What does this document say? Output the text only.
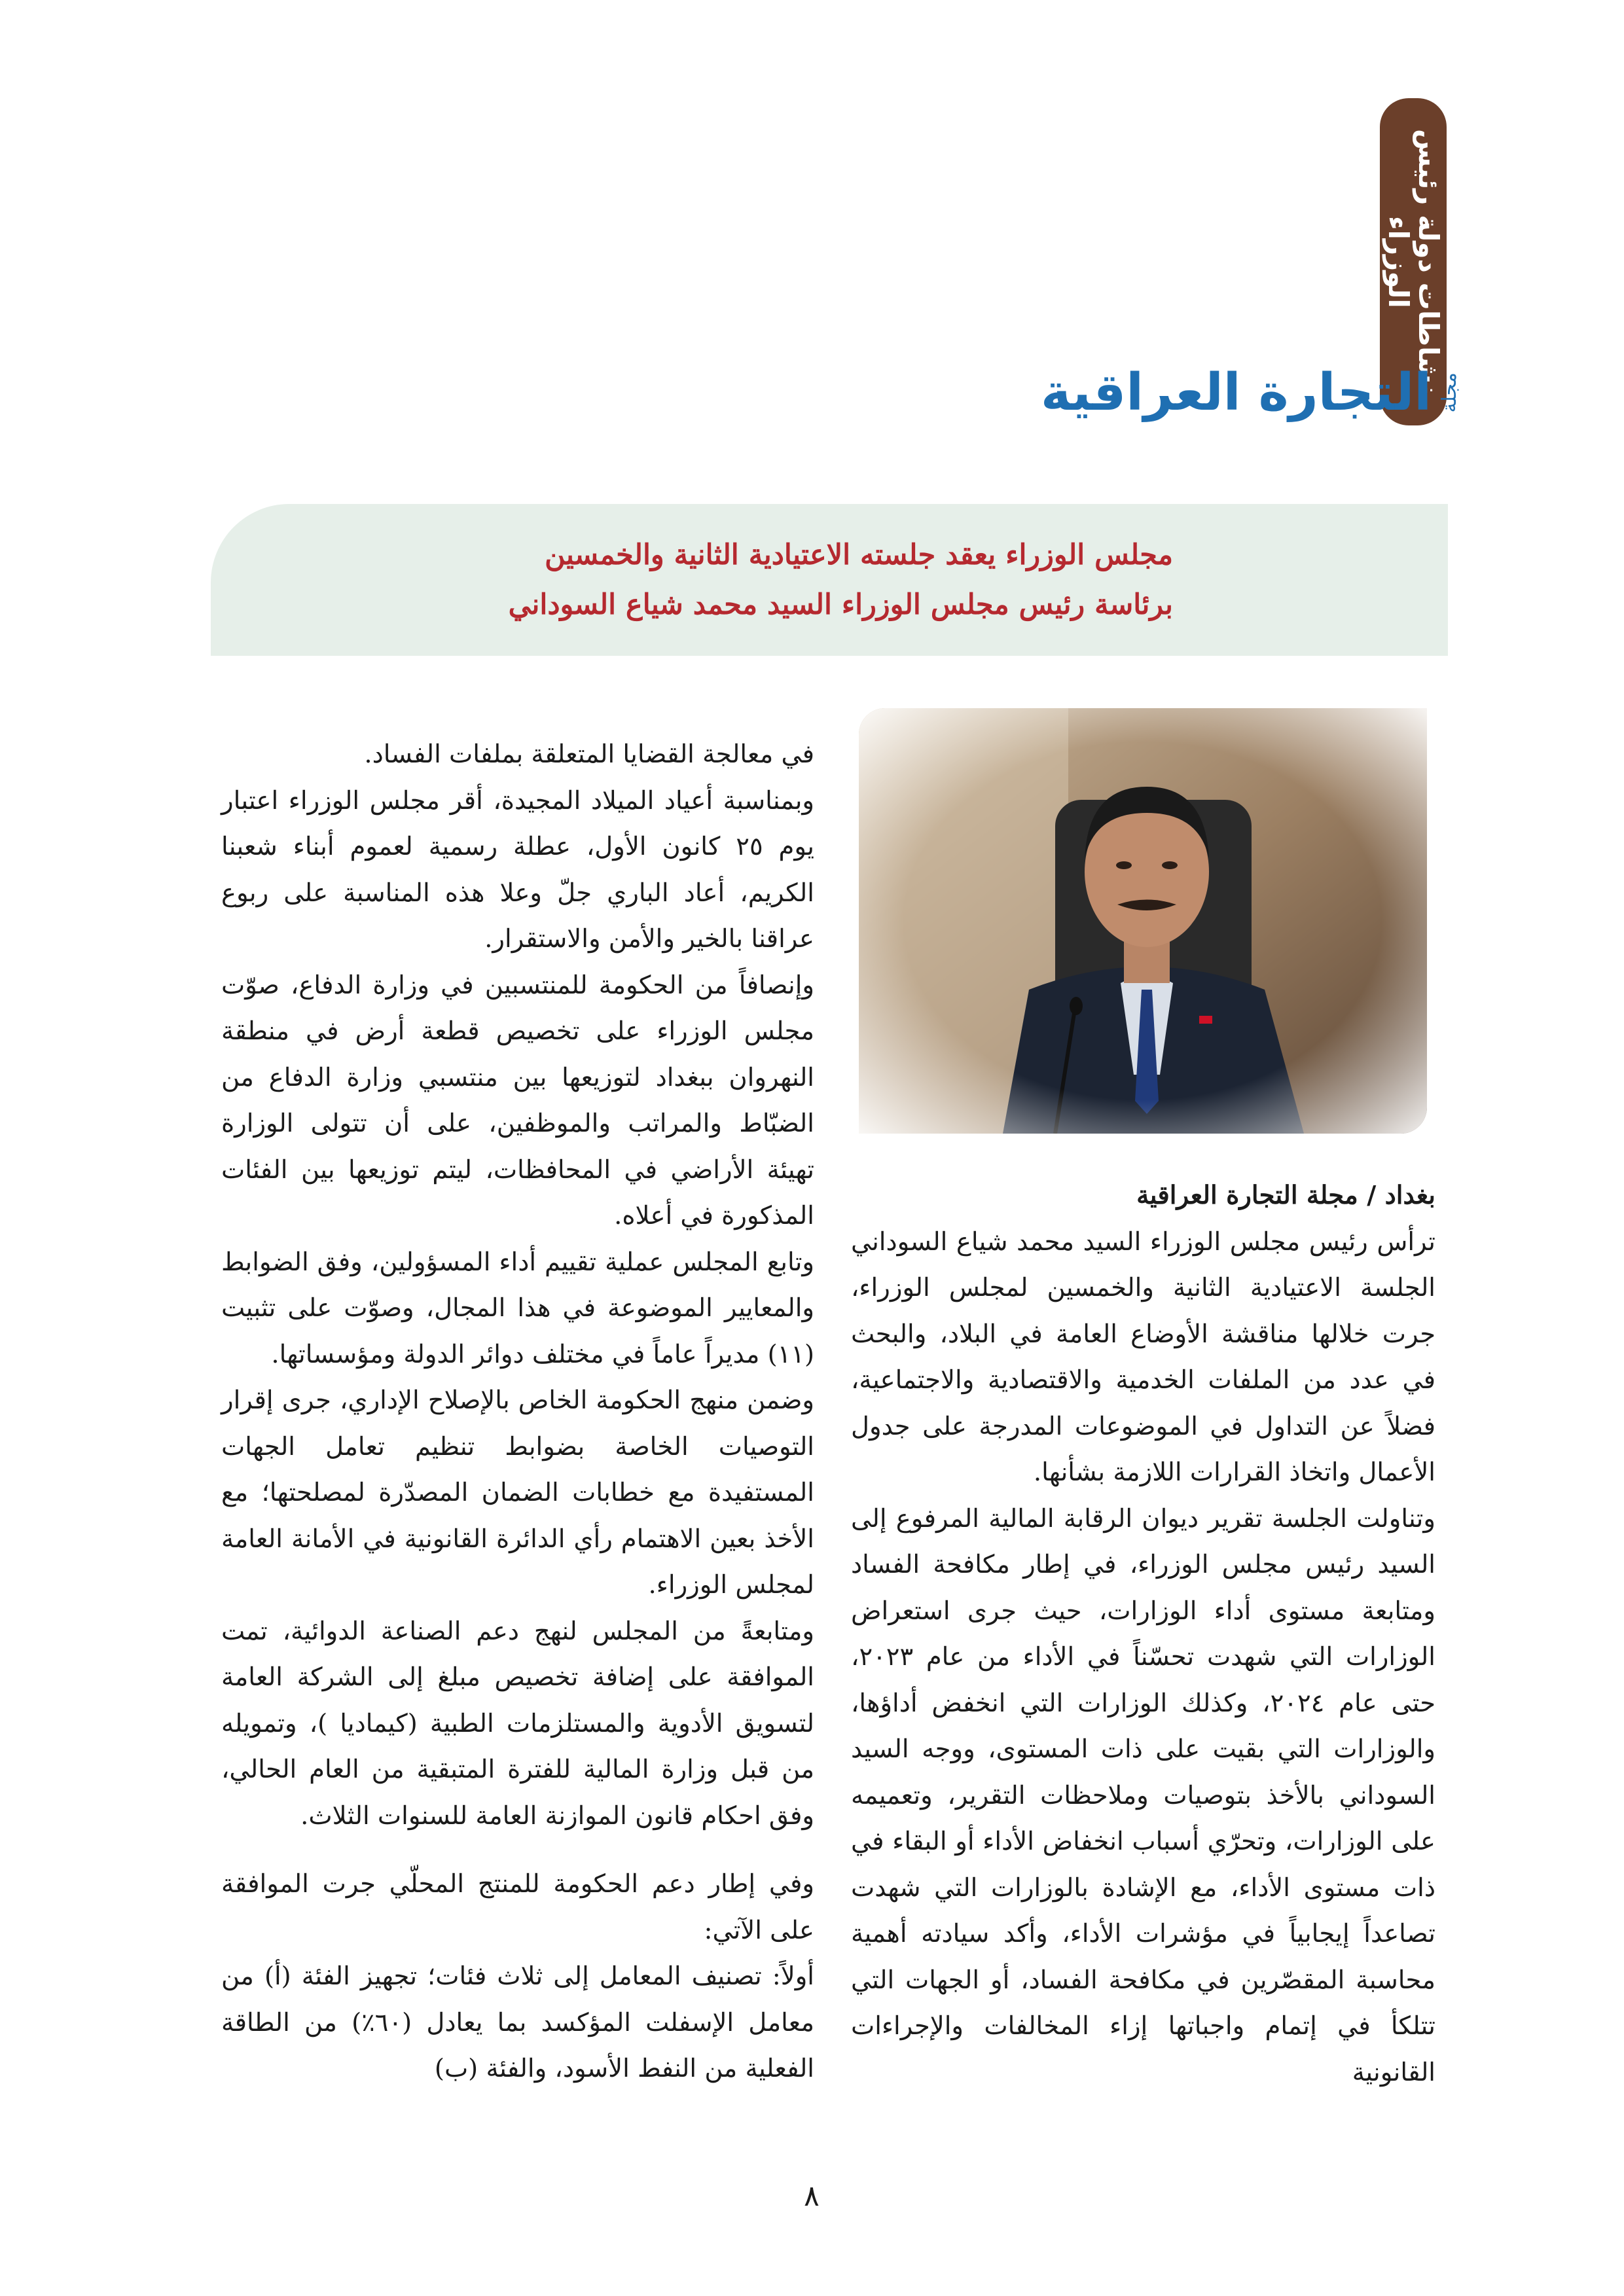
نشاطات دولة رئيس
الوزراء
مجلة
التجارة العراقية
مجلس الوزراء يعقد جلسته الاعتيادية الثانية والخمسين
برئاسة رئيس مجلس الوزراء السيد محمد شياع السوداني

بغداد / مجلة التجارة العراقية

ترأس رئيس مجلس الوزراء السيد محمد شياع السوداني الجلسة الاعتيادية الثانية والخمسين لمجلس الوزراء، جرت خلالها مناقشة الأوضاع العامة في البلاد، والبحث في عدد من الملفات الخدمية والاقتصادية والاجتماعية، فضلاً عن التداول في الموضوعات المدرجة على جدول الأعمال واتخاذ القرارات اللازمة بشأنها.

وتناولت الجلسة تقرير ديوان الرقابة المالية المرفوع إلى السيد رئيس مجلس الوزراء، في إطار مكافحة الفساد ومتابعة مستوى أداء الوزارات، حيث جرى استعراض الوزارات التي شهدت تحسّناً في الأداء من عام ٢٠٢٣، حتى عام ٢٠٢٤، وكذلك الوزارات التي انخفض أداؤها، والوزارات التي بقيت على ذات المستوى، ووجه السيد السوداني بالأخذ بتوصيات وملاحظات التقرير، وتعميمه على الوزارات، وتحرّي أسباب انخفاض الأداء أو البقاء في ذات مستوى الأداء، مع الإشادة بالوزارات التي شهدت تصاعداً إيجابياً في مؤشرات الأداء، وأكد سيادته أهمية محاسبة المقصّرين في مكافحة الفساد، أو الجهات التي تتلكأ في إتمام واجباتها إزاء المخالفات والإجراءات القانونية

في معالجة القضايا المتعلقة بملفات الفساد.

وبمناسبة أعياد الميلاد المجيدة، أقر مجلس الوزراء اعتبار يوم ٢٥ كانون الأول، عطلة رسمية لعموم أبناء شعبنا الكريم، أعاد الباري جلّ وعلا هذه المناسبة على ربوع عراقنا بالخير والأمن والاستقرار.

وإنصافاً من الحكومة للمنتسبين في وزارة الدفاع، صوّت مجلس الوزراء على تخصيص قطعة أرض في منطقة النهروان ببغداد لتوزيعها بين منتسبي وزارة الدفاع من الضبّاط والمراتب والموظفين، على أن تتولى الوزارة تهيئة الأراضي في المحافظات، ليتم توزيعها بين الفئات المذكورة في أعلاه.

وتابع المجلس عملية تقييم أداء المسؤولين، وفق الضوابط والمعايير الموضوعة في هذا المجال، وصوّت على تثبيت (١١) مديراً عاماً في مختلف دوائر الدولة ومؤسساتها.

وضمن منهج الحكومة الخاص بالإصلاح الإداري، جرى إقرار التوصيات الخاصة بضوابط تنظيم تعامل الجهات المستفيدة مع خطابات الضمان المصدّرة لمصلحتها؛ مع الأخذ بعين الاهتمام رأي الدائرة القانونية في الأمانة العامة لمجلس الوزراء.

ومتابعةً من المجلس لنهج دعم الصناعة الدوائية، تمت الموافقة على إضافة تخصيص مبلغ إلى الشركة العامة لتسويق الأدوية والمستلزمات الطبية (كيماديا )، وتمويله من قبل وزارة المالية للفترة المتبقية من العام الحالي، وفق احكام قانون الموازنة العامة للسنوات الثلاث.

وفي إطار دعم الحكومة للمنتج المحلّي جرت الموافقة على الآتي:

أولاً: تصنيف المعامل إلى ثلاث فئات؛ تجهيز الفئة (أ) من معامل الإسفلت المؤكسد بما يعادل (٦٠٪) من الطاقة الفعلية من النفط الأسود، والفئة (ب)

٨
